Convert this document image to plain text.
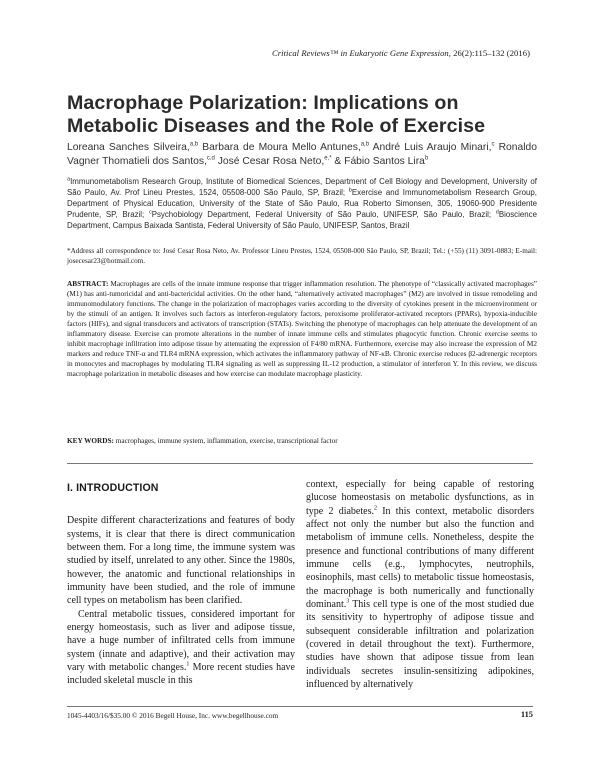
Critical Reviews™ in Eukaryotic Gene Expression, 26(2):115–132 (2016)
Macrophage Polarization: Implications on Metabolic Diseases and the Role of Exercise
Loreana Sanches Silveira,$^{a,b}$ Barbara de Moura Mello Antunes,$^{a,b}$ André Luis Araujo Minari,$^c$ Ronaldo Vagner Thomatieli dos Santos,$^{c,d}$ José Cesar Rosa Neto,$^{e,*}$ & Fábio Santos Lira$^b$
$^a$Immunometabolism Research Group, Institute of Biomedical Sciences, Department of Cell Biology and Development, University of São Paulo, Av. Prof Lineu Prestes, 1524, 05508-000 São Paulo, SP, Brazil; $^b$Exercise and Immunometabolism Research Group, Department of Physical Education, University of the State of São Paulo, Rua Roberto Simonsen, 305, 19060-900 Presidente Prudente, SP, Brazil; $^c$Psychobiology Department, Federal University of São Paulo, UNIFESP, São Paulo, Brazil; $^d$Bioscience Department, Campus Baixada Santista, Federal University of São Paulo, UNIFESP, Santos, Brazil
*Address all correspondence to: José Cesar Rosa Neto, Av. Professor Lineu Prestes, 1524, 05508-000 São Paulo, SP, Brazil; Tel.: (+55) (11) 3091-0883; E-mail: josecesar23@hotmail.com.
ABSTRACT: Macrophages are cells of the innate immune response that trigger inflammation resolution. The phenotype of “classically activated macrophages” (M1) has anti-tumoricidal and anti-bactericidal activities. On the other hand, “alternatively activated macrophages” (M2) are involved in tissue remodeling and immunomodulatory functions. The change in the polarization of macrophages varies according to the diversity of cytokines present in the microenvironment or by the stimuli of an antigen. It involves such factors as interferon-regulatory factors, peroxisome proliferator-activated receptors (PPARs), hypoxia-inducible factors (HIFs), and signal transducers and activators of transcription (STATs). Switching the phenotype of macrophages can help attenuate the development of an inflammatory disease. Exercise can promote alterations in the number of innate immune cells and stimulates phagocytic function. Chronic exercise seems to inhibit macrophage infiltration into adipose tissue by attenuating the expression of F4/80 mRNA. Furthermore, exercise may also increase the expression of M2 markers and reduce TNF-α and TLR4 mRNA expression, which activates the inflammatory pathway of NF-κB. Chronic exercise reduces β2-adrenergic receptors in monocytes and macrophages by modulating TLR4 signaling as well as suppressing IL-12 production, a stimulator of interferon Y. In this review, we discuss macrophage polarization in metabolic diseases and how exercise can modulate macrophage plasticity.
KEY WORDS: macrophages, immune system, inflammation, exercise, transcriptional factor
I. INTRODUCTION

Despite different characterizations and features of body systems, it is clear that there is direct communication between them. For a long time, the immune system was studied by itself, unrelated to any other. Since the 1980s, however, the anatomic and functional relationships in immunity have been studied, and the role of immune cell types on metabolism has been clarified.

Central metabolic tissues, considered important for energy homeostasis, such as liver and adipose tissue, have a huge number of infiltrated cells from immune system (innate and adaptive), and their activation may vary with metabolic changes.$^1$ More recent studies have included skeletal muscle in this

context, especially for being capable of restoring glucose homeostasis on metabolic dysfunctions, as in type 2 diabetes.$^2$ In this context, metabolic disorders affect not only the number but also the function and metabolism of immune cells. Nonetheless, despite the presence and functional contributions of many different immune cells (e.g., lymphocytes, neutrophils, eosinophils, mast cells) to metabolic tissue homeostasis, the macrophage is both numerically and functionally dominant.$^3$ This cell type is one of the most studied due its sensitivity to hypertrophy of adipose tissue and subsequent considerable infiltration and polarization (covered in detail throughout the text). Furthermore, studies have shown that adipose tissue from lean individuals secretes insulin-sensitizing adipokines, influenced by alternatively

1045-4403/16/$35.00 © 2016 Begell House, Inc. www.begellhouse.com	115
